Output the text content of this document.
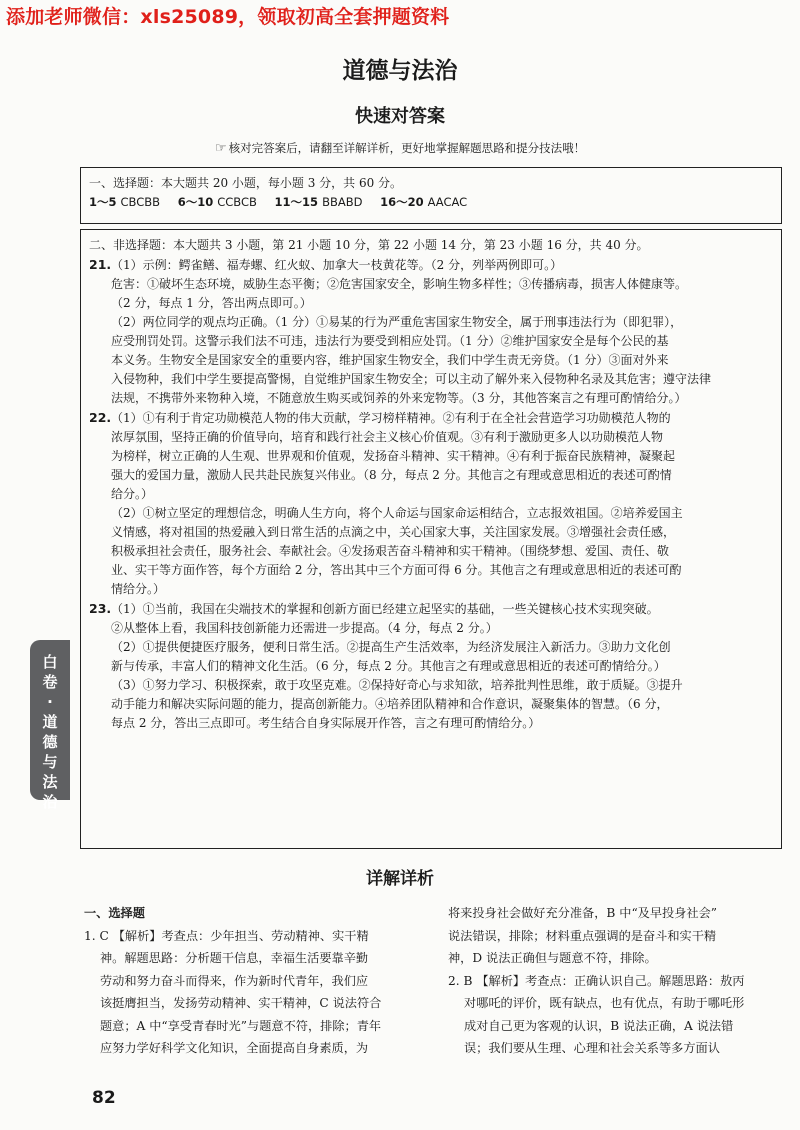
添加老师微信：xls25089，领取初高全套押题资料
道德与法治
快速对答案
☞ 核对完答案后，请翻至详解详析，更好地掌握解题思路和提分技法哦！
一、选择题：本大题共 20 小题，每小题 3 分，共 60 分。
1～5 CBCBB 6～10 CCBCB 11～15 BBABD 16～20 AACAC
二、非选择题：本大题共 3 小题，第 21 小题 10 分，第 22 小题 14 分，第 23 小题 16 分，共 40 分。
21.（1）示例：鳄雀鳝、福寿螺、红火蚁、加拿大一枝黄花等。（2 分，列举两例即可。）
危害：①破坏生态环境，威胁生态平衡；②危害国家安全，影响生物多样性；③传播病毒，损害人体健康等。
（2 分，每点 1 分，答出两点即可。）
（2）两位同学的观点均正确。（1 分）①易某的行为严重危害国家生物安全，属于刑事违法行为（即犯罪），
应受刑罚处罚。这警示我们法不可违，违法行为要受到相应处罚。（1 分）②维护国家安全是每个公民的基
本义务。生物安全是国家安全的重要内容，维护国家生物安全，我们中学生责无旁贷。（1 分）③面对外来
入侵物种，我们中学生要提高警惕，自觉维护国家生物安全；可以主动了解外来入侵物种名录及其危害；遵守法律
法规，不携带外来物种入境，不随意放生购买或饲养的外来宠物等。（3 分，其他答案言之有理可酌情给分。）
22.（1）①有利于肯定功勋模范人物的伟大贡献，学习榜样精神。②有利于在全社会营造学习功勋模范人物的
浓厚氛围，坚持正确的价值导向，培育和践行社会主义核心价值观。③有利于激励更多人以功勋模范人物
为榜样，树立正确的人生观、世界观和价值观，发扬奋斗精神、实干精神。④有利于振奋民族精神，凝聚起
强大的爱国力量，激励人民共赴民族复兴伟业。（8 分，每点 2 分。其他言之有理或意思相近的表述可酌情
给分。）
（2）①树立坚定的理想信念，明确人生方向，将个人命运与国家命运相结合，立志报效祖国。②培养爱国主
义情感，将对祖国的热爱融入到日常生活的点滴之中，关心国家大事，关注国家发展。③增强社会责任感，
积极承担社会责任，服务社会、奉献社会。④发扬艰苦奋斗精神和实干精神。（围绕梦想、爱国、责任、敬
业、实干等方面作答，每个方面给 2 分，答出其中三个方面可得 6 分。其他言之有理或意思相近的表述可酌
情给分。）
23.（1）①当前，我国在尖端技术的掌握和创新方面已经建立起坚实的基础，一些关键核心技术实现突破。
②从整体上看，我国科技创新能力还需进一步提高。（4 分，每点 2 分。）
（2）①提供便捷医疗服务，便利日常生活。②提高生产生活效率，为经济发展注入新活力。③助力文化创
新与传承，丰富人们的精神文化生活。（6 分，每点 2 分。其他言之有理或意思相近的表述可酌情给分。）
（3）①努力学习、积极探索，敢于攻坚克难。②保持好奇心与求知欲，培养批判性思维，敢于质疑。③提升
动手能力和解决实际问题的能力，提高创新能力。④培养团队精神和合作意识，凝聚集体的智慧。（6 分，
每点 2 分，答出三点即可。考生结合自身实际展开作答，言之有理可酌情给分。）
白
卷
·
道
德
与
法
治
详解详析
一、选择题
1. C 【解析】考查点：少年担当、劳动精神、实干精
神。解题思路：分析题干信息，幸福生活要靠辛勤
劳动和努力奋斗而得来，作为新时代青年，我们应
该挺膺担当，发扬劳动精神、实干精神，C 说法符合
题意；A 中“享受青春时光”与题意不符，排除；青年
应努力学好科学文化知识，全面提高自身素质，为
将来投身社会做好充分准备，B 中“及早投身社会”
说法错误，排除；材料重点强调的是奋斗和实干精
神，D 说法正确但与题意不符，排除。
2. B 【解析】考查点：正确认识自己。解题思路：敖丙
对哪吒的评价，既有缺点，也有优点，有助于哪吒形
成对自己更为客观的认识，B 说法正确，A 说法错
误；我们要从生理、心理和社会关系等多方面认
82
